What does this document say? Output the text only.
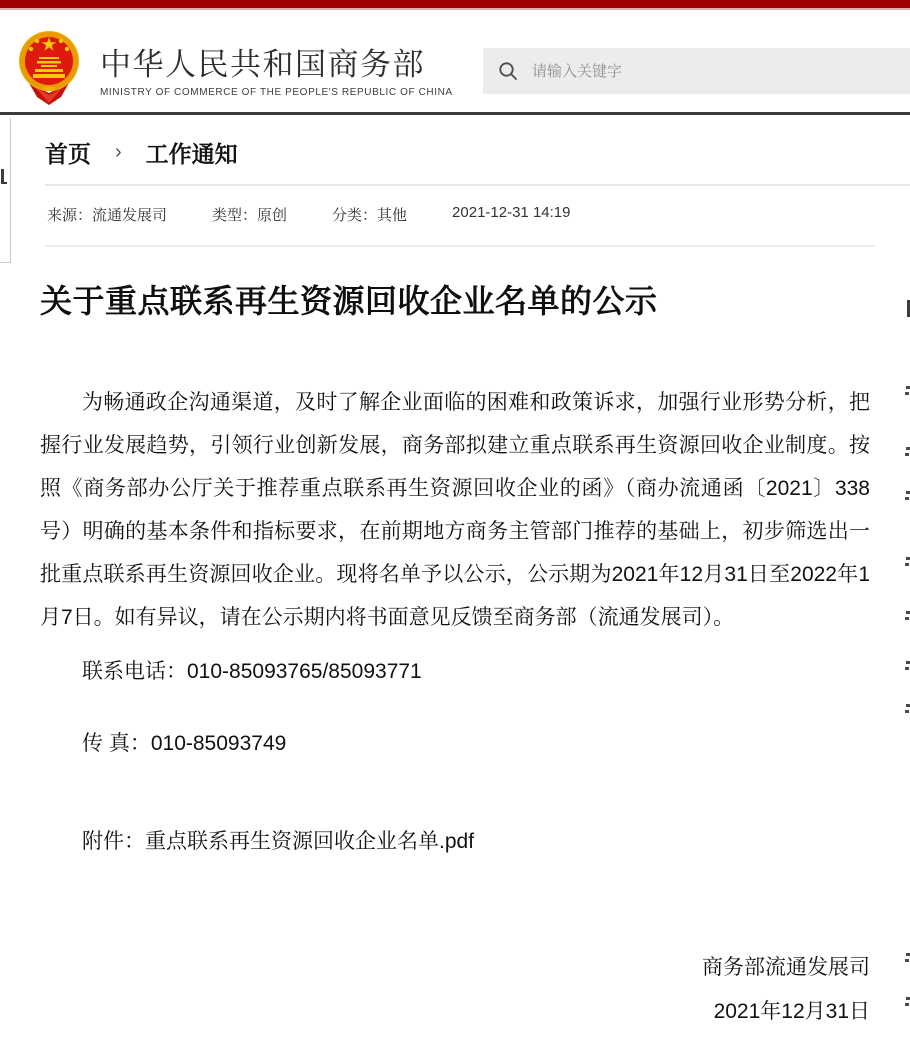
中华人民共和国商务部
MINISTRY OF COMMERCE OF THE PEOPLE'S REPUBLIC OF CHINA
请输入关键字
首页 › 工作通知
来源：流通发展司	类型：原创	分类：其他	2021-12-31 14:19
关于重点联系再生资源回收企业名单的公示

为畅通政企沟通渠道，及时了解企业面临的困难和政策诉求，加强行业形势分析，把握行业发展趋势，引领行业创新发展，商务部拟建立重点联系再生资源回收企业制度。按照《商务部办公厅关于推荐重点联系再生资源回收企业的函》（商办流通函〔2021〕338号）明确的基本条件和指标要求，在前期地方商务主管部门推荐的基础上，初步筛选出一批重点联系再生资源回收企业。现将名单予以公示，公示期为2021年12月31日至2022年1月7日。如有异议，请在公示期内将书面意见反馈至商务部（流通发展司）。

联系电话：010-85093765/85093771

传 真：010-85093749

附件：重点联系再生资源回收企业名单.pdf

商务部流通发展司
2021年12月31日
